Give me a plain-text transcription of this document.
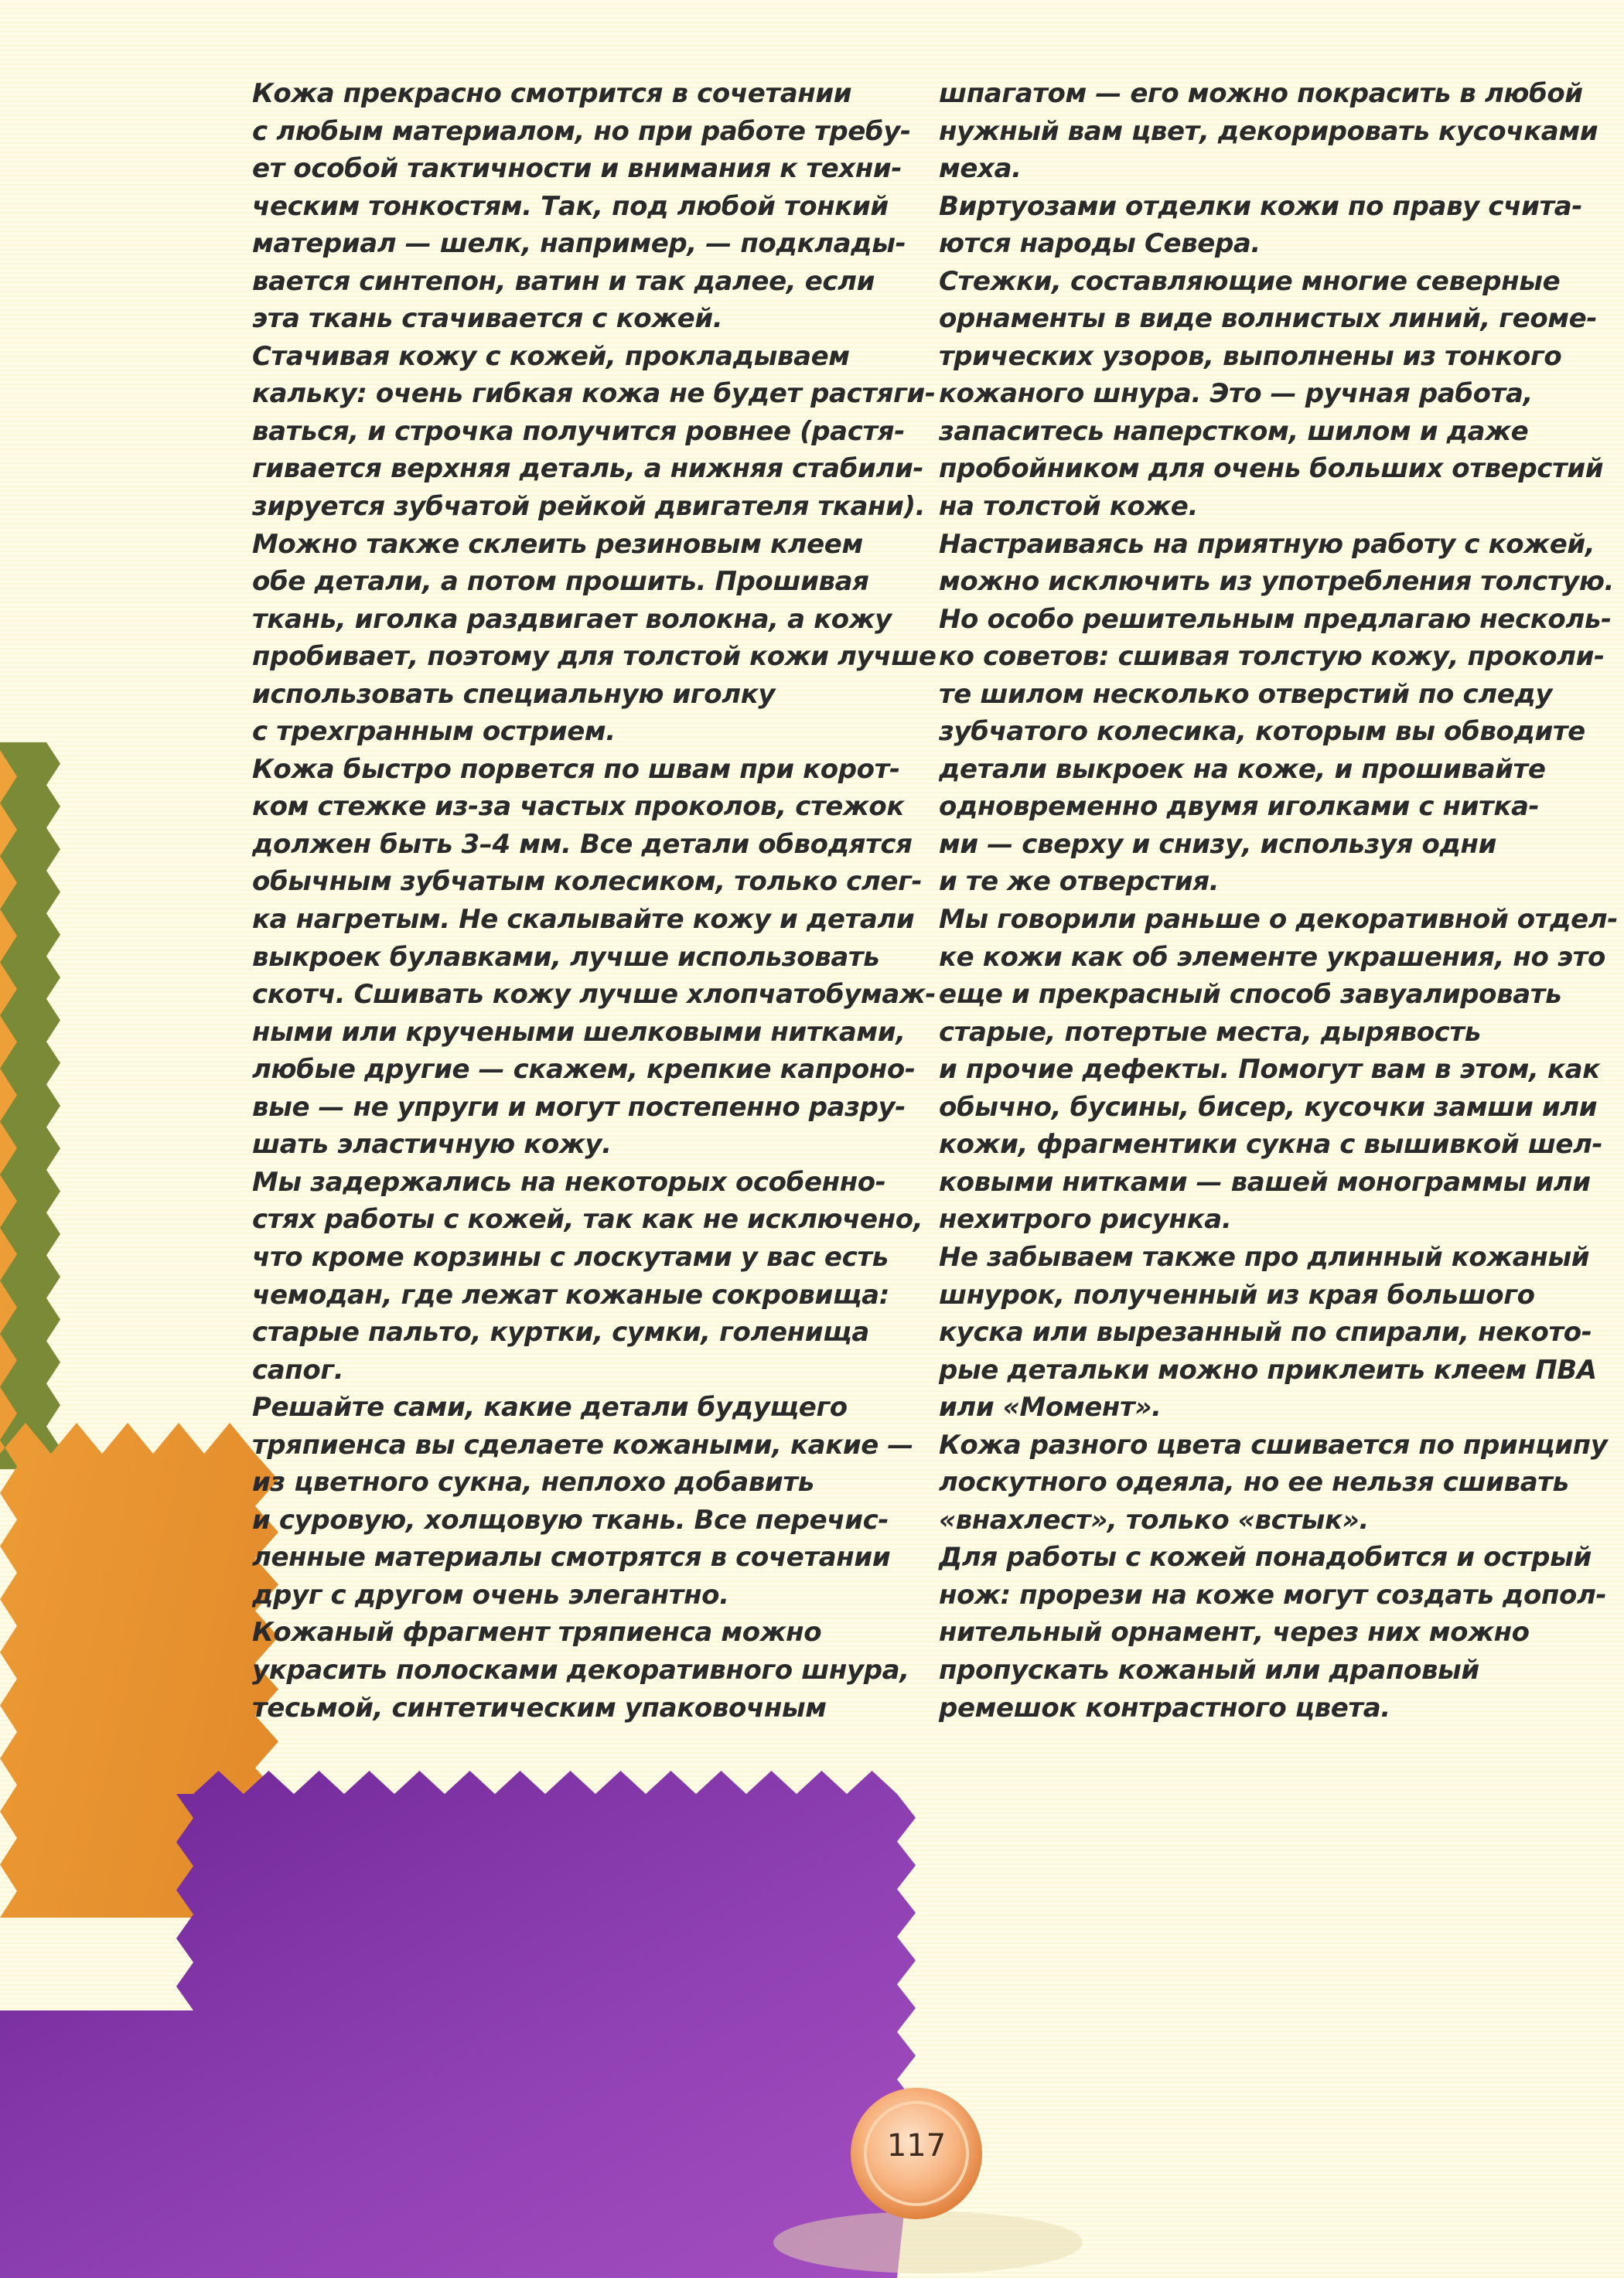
Кожа прекрасно смотрится в сочетании
с любым материалом, но при работе требу-
ет особой тактичности и внимания к техни-
ческим тонкостям. Так, под любой тонкий
материал — шелк, например, — подклады-
вается синтепон, ватин и так далее, если
эта ткань стачивается с кожей.
Стачивая кожу с кожей, прокладываем
кальку: очень гибкая кожа не будет растяги-
ваться, и строчка получится ровнее (растя-
гивается верхняя деталь, а нижняя стабили-
зируется зубчатой рейкой двигателя ткани).
Можно также склеить резиновым клеем
обе детали, а потом прошить. Прошивая
ткань, иголка раздвигает волокна, а кожу
пробивает, поэтому для толстой кожи лучше
использовать специальную иголку
с трехгранным острием.
Кожа быстро порвется по швам при корот-
ком стежке из-за частых проколов, стежок
должен быть 3–4 мм. Все детали обводятся
обычным зубчатым колесиком, только слег-
ка нагретым. Не скалывайте кожу и детали
выкроек булавками, лучше использовать
скотч. Сшивать кожу лучше хлопчатобумаж-
ными или кручеными шелковыми нитками,
любые другие — скажем, крепкие капроно-
вые — не упруги и могут постепенно разру-
шать эластичную кожу.
Мы задержались на некоторых особенно-
стях работы с кожей, так как не исключено,
что кроме корзины с лоскутами у вас есть
чемодан, где лежат кожаные сокровища:
старые пальто, куртки, сумки, голенища
сапог.
Решайте сами, какие детали будущего
тряпиенса вы сделаете кожаными, какие —
из цветного сукна, неплохо добавить
и суровую, холщовую ткань. Все перечис-
ленные материалы смотрятся в сочетании
друг с другом очень элегантно.
Кожаный фрагмент тряпиенса можно
украсить полосками декоративного шнура,
тесьмой, синтетическим упаковочным
шпагатом — его можно покрасить в любой
нужный вам цвет, декорировать кусочками
меха.
Виртуозами отделки кожи по праву счита-
ются народы Севера.
Стежки, составляющие многие северные
орнаменты в виде волнистых линий, геоме-
трических узоров, выполнены из тонкого
кожаного шнура. Это — ручная работа,
запаситесь наперстком, шилом и даже
пробойником для очень больших отверстий
на толстой коже.
Настраиваясь на приятную работу с кожей,
можно исключить из употребления толстую.
Но особо решительным предлагаю несколь-
ко советов: сшивая толстую кожу, проколи-
те шилом несколько отверстий по следу
зубчатого колесика, которым вы обводите
детали выкроек на коже, и прошивайте
одновременно двумя иголками с нитка-
ми — сверху и снизу, используя одни
и те же отверстия.
Мы говорили раньше о декоративной отдел-
ке кожи как об элементе украшения, но это
еще и прекрасный способ завуалировать
старые, потертые места, дырявость
и прочие дефекты. Помогут вам в этом, как
обычно, бусины, бисер, кусочки замши или
кожи, фрагментики сукна с вышивкой шел-
ковыми нитками — вашей монограммы или
нехитрого рисунка.
Не забываем также про длинный кожаный
шнурок, полученный из края большого
куска или вырезанный по спирали, некото-
рые детальки можно приклеить клеем ПВА
или «Момент».
Кожа разного цвета сшивается по принципу
лоскутного одеяла, но ее нельзя сшивать
«внахлест», только «встык».
Для работы с кожей понадобится и острый
нож: прорези на коже могут создать допол-
нительный орнамент, через них можно
пропускать кожаный или драповый
ремешок контрастного цвета.
117
